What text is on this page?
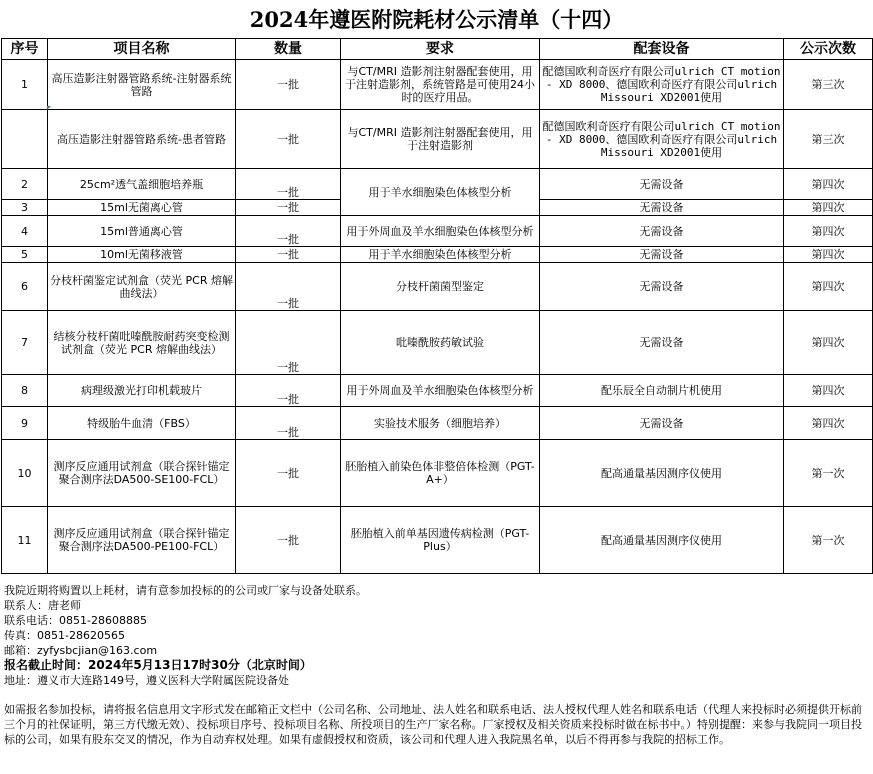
2024年遵医附院耗材公示清单（十四）
序号	项目名称	数量	要求	配套设备	公示次数
1	高压造影注射器管路系统-注射器系统管路	一批	与CT/MRI 造影剂注射器配套使用，用于注射造影剂，系统管路是可使用24小时的医疗用品。	配德国欧利奇医疗有限公司ulrich CT motion - XD 8000、德国欧利奇医疗有限公司ulrich Missouri XD2001使用	第三次
	高压造影注射器管路系统-患者管路	一批	与CT/MRI 造影剂注射器配套使用，用于注射造影剂	配德国欧利奇医疗有限公司ulrich CT motion - XD 8000、德国欧利奇医疗有限公司ulrich Missouri XD2001使用	第三次
2	25cm²透气盖细胞培养瓶	一批	用于羊水细胞染色体核型分析	无需设备	第四次
3	15ml无菌离心管	一批		无需设备	第四次
4	15ml普通离心管	一批	用于外周血及羊水细胞染色体核型分析	无需设备	第四次
5	10ml无菌移液管	一批	用于羊水细胞染色体核型分析	无需设备	第四次
6	分枝杆菌鉴定试剂盒（荧光 PCR 熔解曲线法）	一批	分枝杆菌菌型鉴定	无需设备	第四次
7	结核分枝杆菌吡嗪酰胺耐药突变检测试剂盒（荧光 PCR 熔解曲线法）	一批	吡嗪酰胺药敏试验	无需设备	第四次
8	病理级激光打印机载玻片	一批	用于外周血及羊水细胞染色体核型分析	配乐辰全自动制片机使用	第四次
9	特级胎牛血清（FBS）	一批	实验技术服务（细胞培养）	无需设备	第四次
10	测序反应通用试剂盒（联合探针锚定聚合测序法DA500-SE100-FCL）	一批	胚胎植入前染色体非整倍体检测（PGT-A+）	配高通量基因测序仪使用	第一次
11	测序反应通用试剂盒（联合探针锚定聚合测序法DA500-PE100-FCL）	一批	胚胎植入前单基因遗传病检测（PGT-Plus）	配高通量基因测序仪使用	第一次
我院近期将购置以上耗材，请有意参加投标的的公司或厂家与设备处联系。
联系人：唐老师
联系电话：0851-28608885
传真：0851-28620565
邮箱：zyfysbcjian@163.com
报名截止时间：2024年5月13日17时30分（北京时间）
地址：遵义市大连路149号，遵义医科大学附属医院设备处
如需报名参加投标，请将报名信息用文字形式发在邮箱正文栏中（公司名称、公司地址、法人姓名和联系电话、法人授权代理人姓名和联系电话（代理人来投标时必须提供开标前三个月的社保证明，第三方代缴无效）、投标项目序号、投标项目名称、所投项目的生产厂家名称。厂家授权及相关资质来投标时做在标书中。）特别提醒：来参与我院同一项目投标的公司，如果有股东交叉的情况，作为自动弃权处理。如果有虚假授权和资质，该公司和代理人进入我院黑名单，以后不得再参与我院的招标工作。
